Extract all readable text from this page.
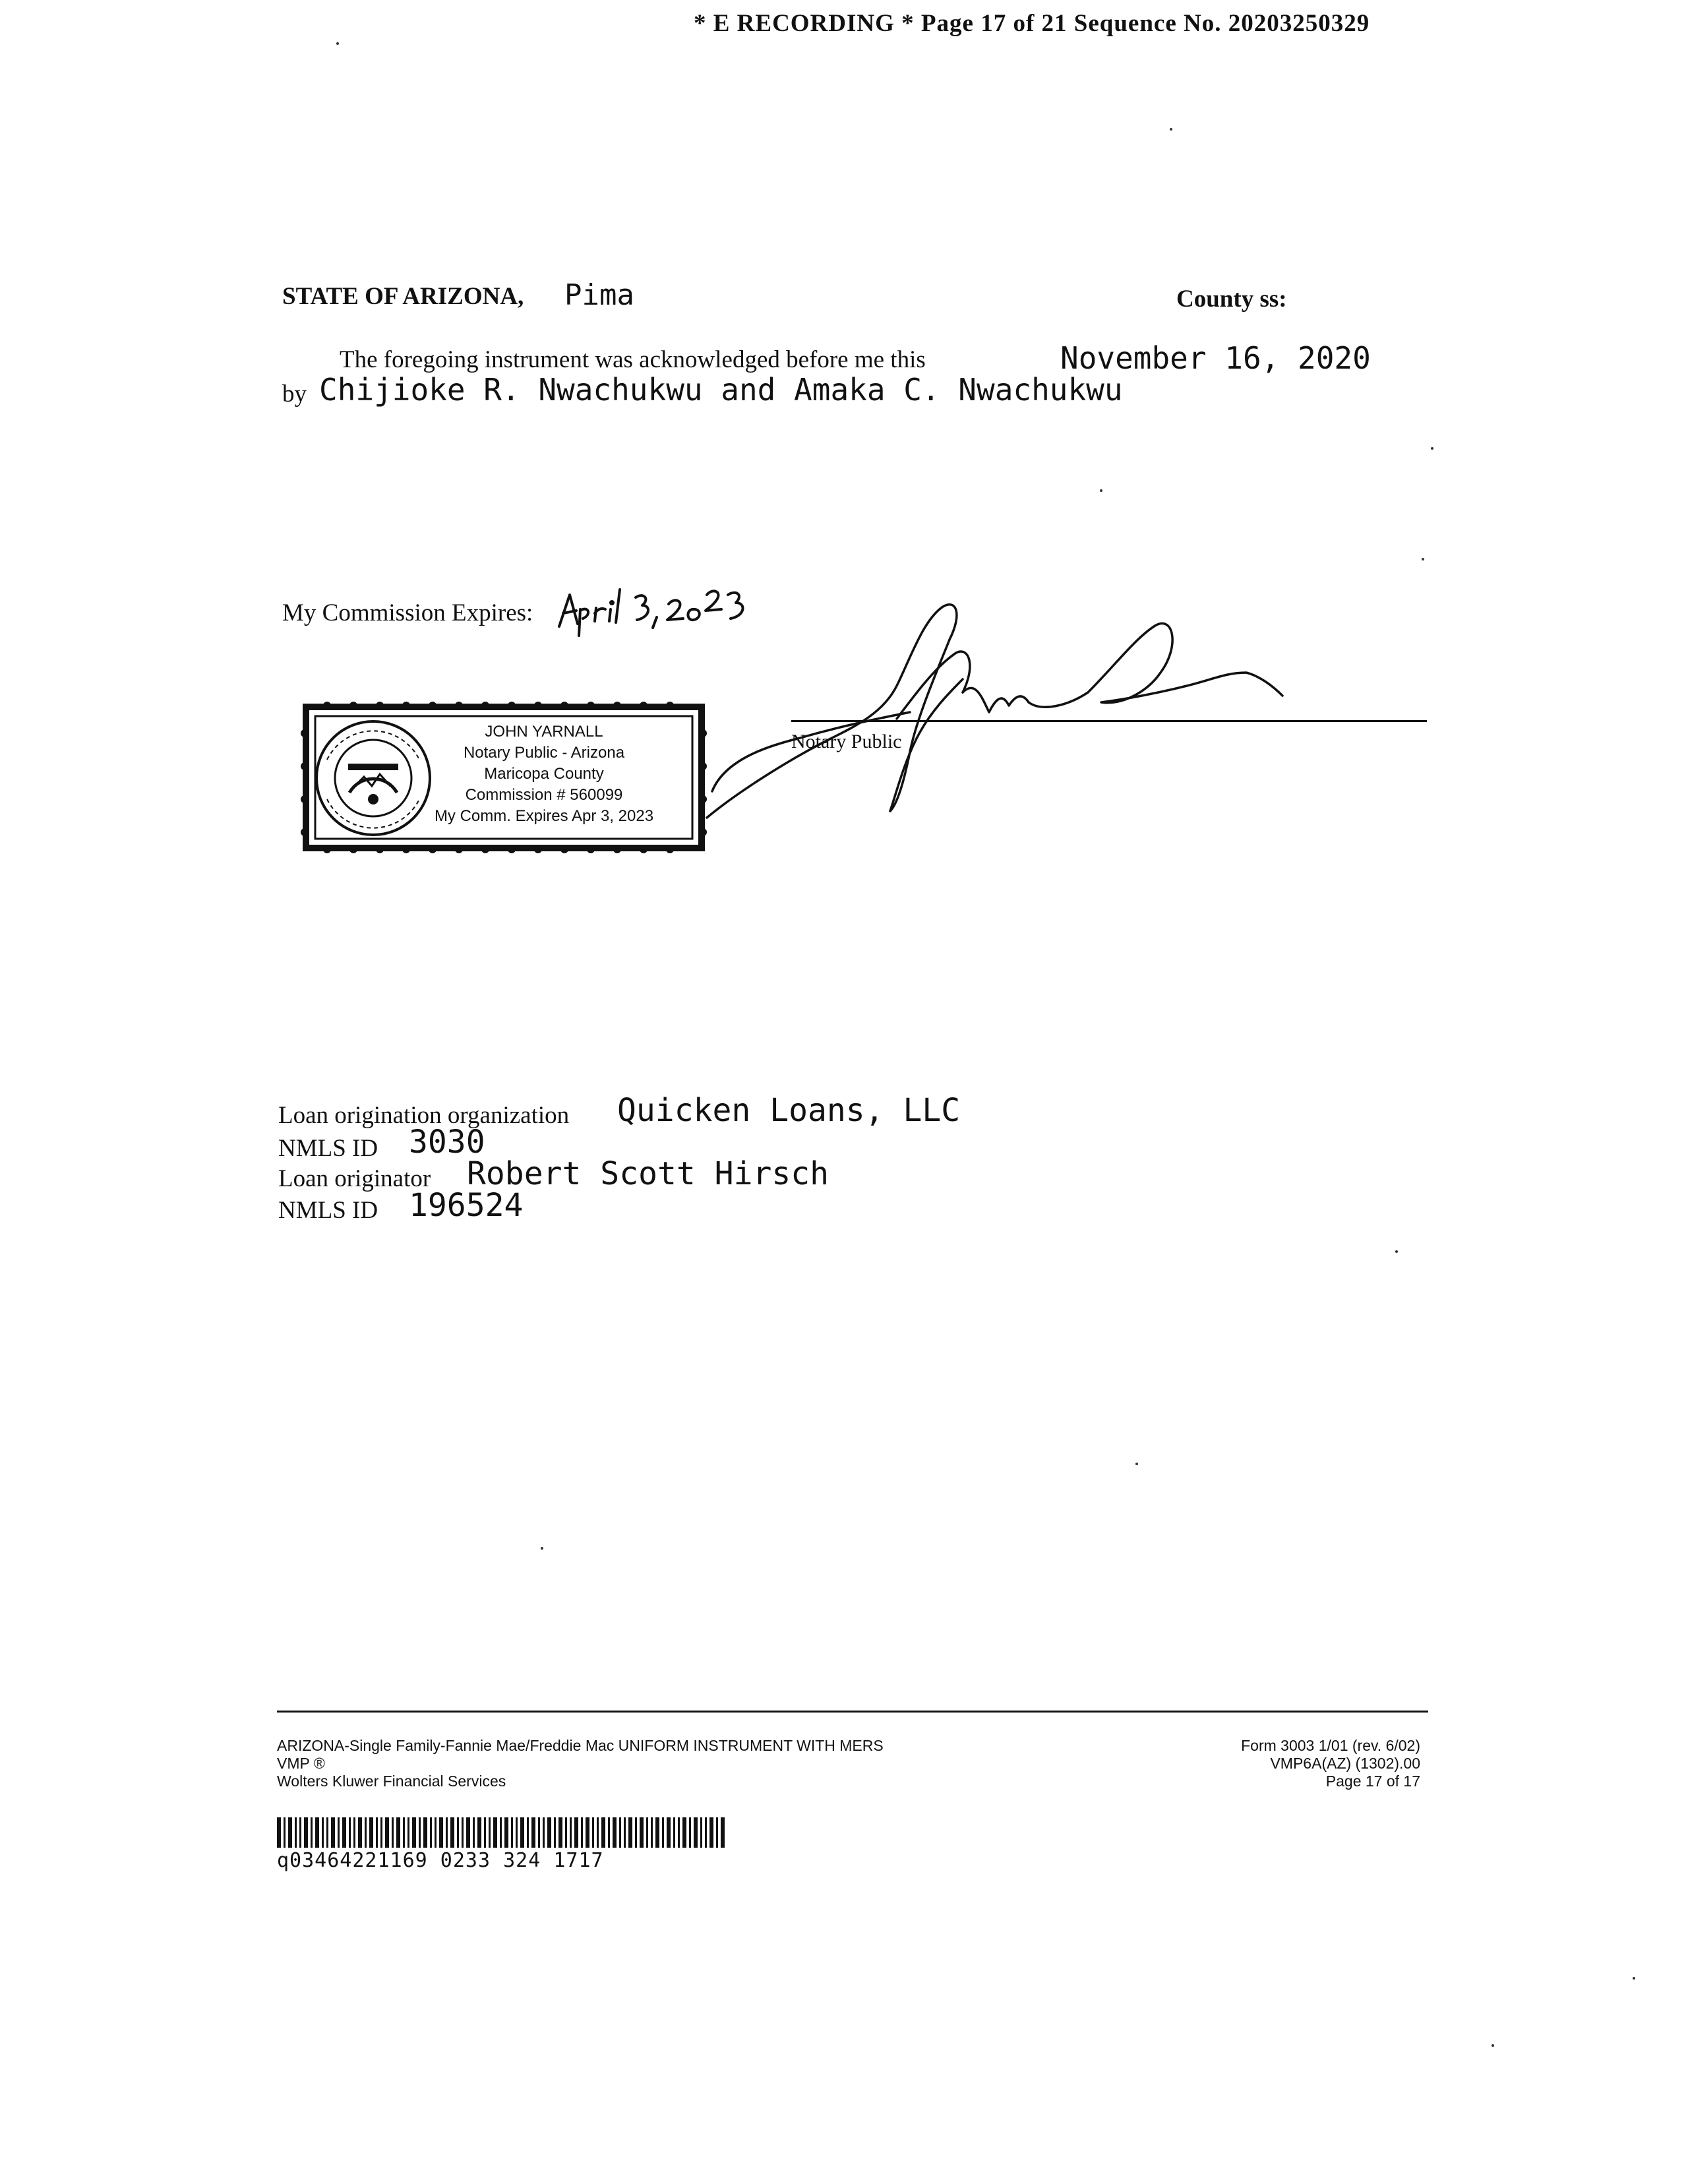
* E RECORDING * Page 17 of 21 Sequence No. 20203250329
STATE OF ARIZONA, Pima	County ss:
The foregoing instrument was acknowledged before me this	November 16, 2020
by Chijioke R. Nwachukwu and Amaka C. Nwachukwu
My Commission Expires:
JOHN YARNALL
Notary Public - Arizona
Maricopa County
Commission # 560099
My Comm. Expires Apr 3, 2023
Notary Public
Loan origination organization Quicken Loans, LLC
NMLS ID 3030
Loan originator Robert Scott Hirsch
NMLS ID 196524
ARIZONA-Single Family-Fannie Mae/Freddie Mac UNIFORM INSTRUMENT WITH MERS
VMP ®
Wolters Kluwer Financial Services
Form 3003 1/01 (rev. 6/02)
VMP6A(AZ) (1302).00
Page 17 of 17
q03464221169 0233 324 1717
